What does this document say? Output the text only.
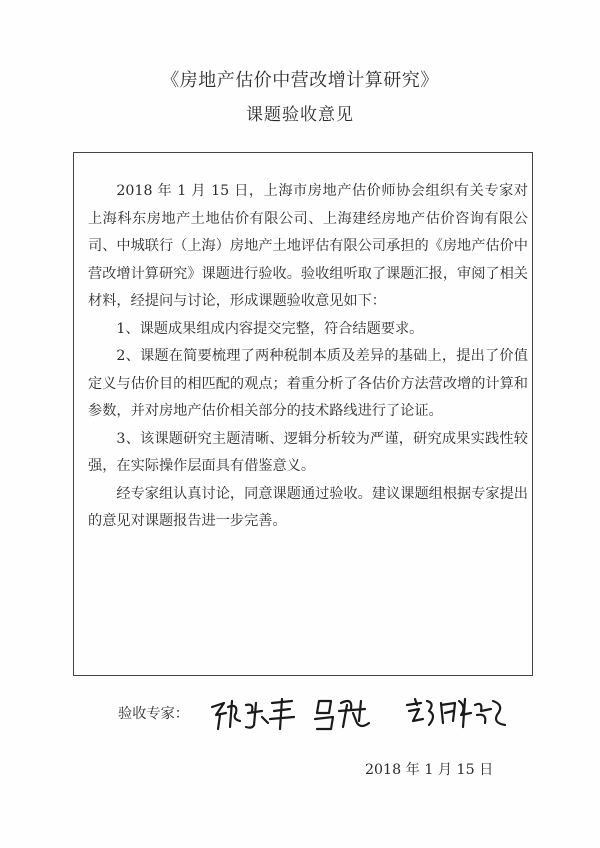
《房地产估价中营改增计算研究》
课题验收意见

2018 年 1 月 15 日，上海市房地产估价师协会组织有关专家对上海科东房地产土地估价有限公司、上海建经房地产估价咨询有限公司、中城联行（上海）房地产土地评估有限公司承担的《房地产估价中营改增计算研究》课题进行验收。验收组听取了课题汇报，审阅了相关材料，经提问与讨论，形成课题验收意见如下：

1、课题成果组成内容提交完整，符合结题要求。

2、课题在简要梳理了两种税制本质及差异的基础上，提出了价值定义与估价目的相匹配的观点；着重分析了各估价方法营改增的计算和参数，并对房地产估价相关部分的技术路线进行了论证。

3、该课题研究主题清晰、逻辑分析较为严谨，研究成果实践性较强，在实际操作层面具有借鉴意义。

经专家组认真讨论，同意课题通过验收。建议课题组根据专家提出的意见对课题报告进一步完善。

验收专家：
2018 年 1 月 15 日
